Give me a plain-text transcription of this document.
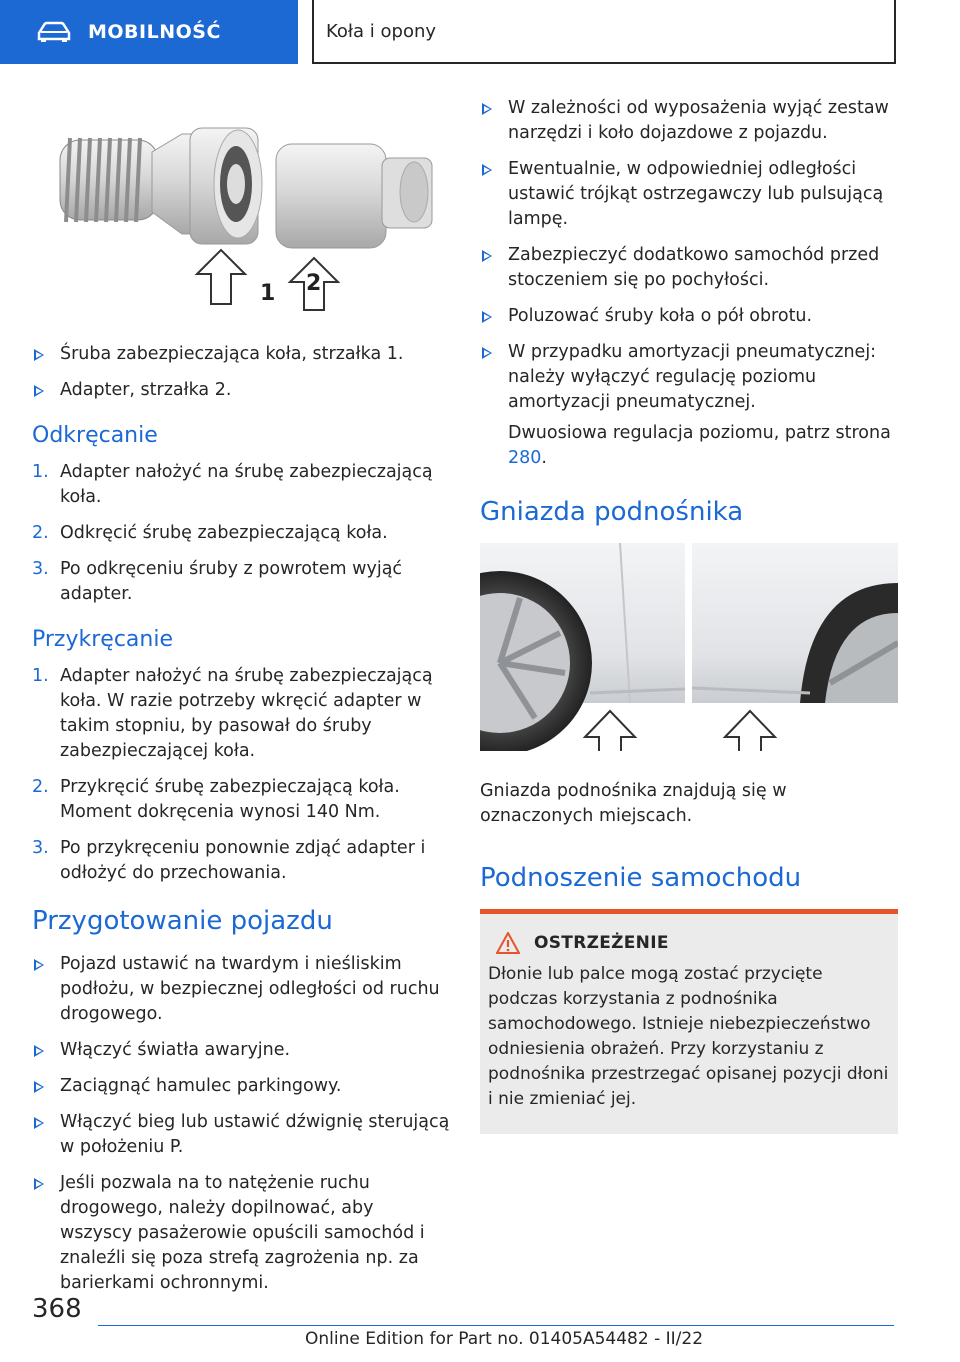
MOBILNOŚĆ	Koła i opony
1 2
Śruba zabezpieczająca koła, strzałka 1.
Adapter, strzałka 2.
Odkręcanie
1. Adapter nałożyć na śrubę zabezpieczającą koła.
2. Odkręcić śrubę zabezpieczającą koła.
3. Po odkręceniu śruby z powrotem wyjąć adapter.
Przykręcanie
1. Adapter nałożyć na śrubę zabezpieczającą koła. W razie potrzeby wkręcić adapter w takim stopniu, by pasował do śruby zabezpieczającej koła.
2. Przykręcić śrubę zabezpieczającą koła. Moment dokręcenia wynosi 140 Nm.
3. Po przykręceniu ponownie zdjąć adapter i odłożyć do przechowania.
Przygotowanie pojazdu
Pojazd ustawić na twardym i nieśliskim podłożu, w bezpiecznej odległości od ruchu drogowego.
Włączyć światła awaryjne.
Zaciągnąć hamulec parkingowy.
Włączyć bieg lub ustawić dźwignię sterującą w położeniu P.
Jeśli pozwala na to natężenie ruchu drogowego, należy dopilnować, aby wszyscy pasażerowie opuścili samochód i znaleźli się poza strefą zagrożenia np. za barierkami ochronnymi.
W zależności od wyposażenia wyjąć zestaw narzędzi i koło dojazdowe z pojazdu.
Ewentualnie, w odpowiedniej odległości ustawić trójkąt ostrzegawczy lub pulsującą lampę.
Zabezpieczyć dodatkowo samochód przed stoczeniem się po pochyłości.
Poluzować śruby koła o pół obrotu.
W przypadku amortyzacji pneumatycznej: należy wyłączyć regulację poziomu amortyzacji pneumatycznej.
Dwuosiowa regulacja poziomu, patrz strona 280.
Gniazda podnośnika
Gniazda podnośnika znajdują się w oznaczonych miejscach.
Podnoszenie samochodu
OSTRZEŻENIE
Dłonie lub palce mogą zostać przycięte podczas korzystania z podnośnika samochodowego. Istnieje niebezpieczeństwo odniesienia obrażeń. Przy korzystaniu z podnośnika przestrzegać opisanej pozycji dłoni i nie zmieniać jej.
368
Online Edition for Part no. 01405A54482 - II/22
